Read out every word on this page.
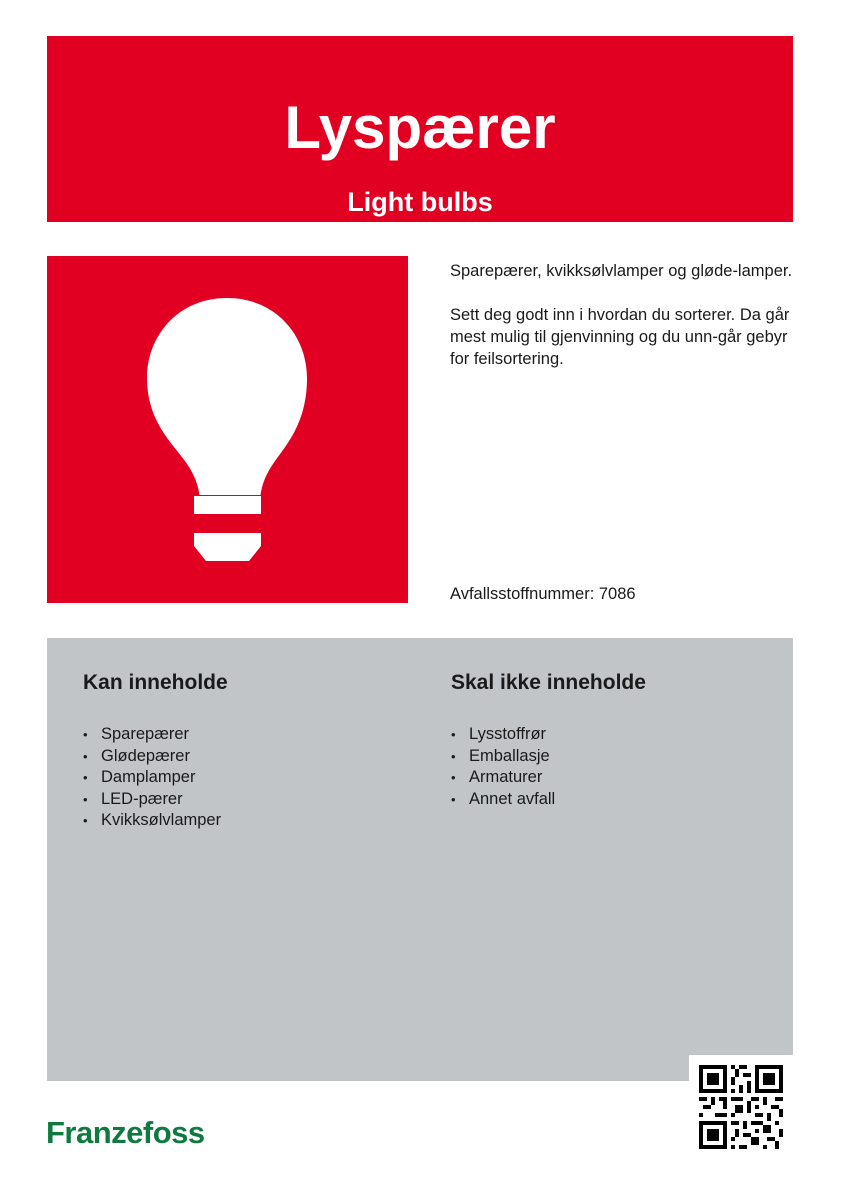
Lyspærer
Light bulbs

Sparepærer, kvikksølvlamper og gløde-lamper.

Sett deg godt inn i hvordan du sorterer. Da går mest mulig til gjenvinning og du unn-går gebyr for feilsortering.

Avfallsstoffnummer: 7086
Kan inneholde
• Sparepærer
• Glødepærer
• Damplamper
• LED-pærer
• Kvikksølvlamper
Skal ikke inneholde
• Lysstoffrør
• Emballasje
• Armaturer
• Annet avfall
Franzefoss
